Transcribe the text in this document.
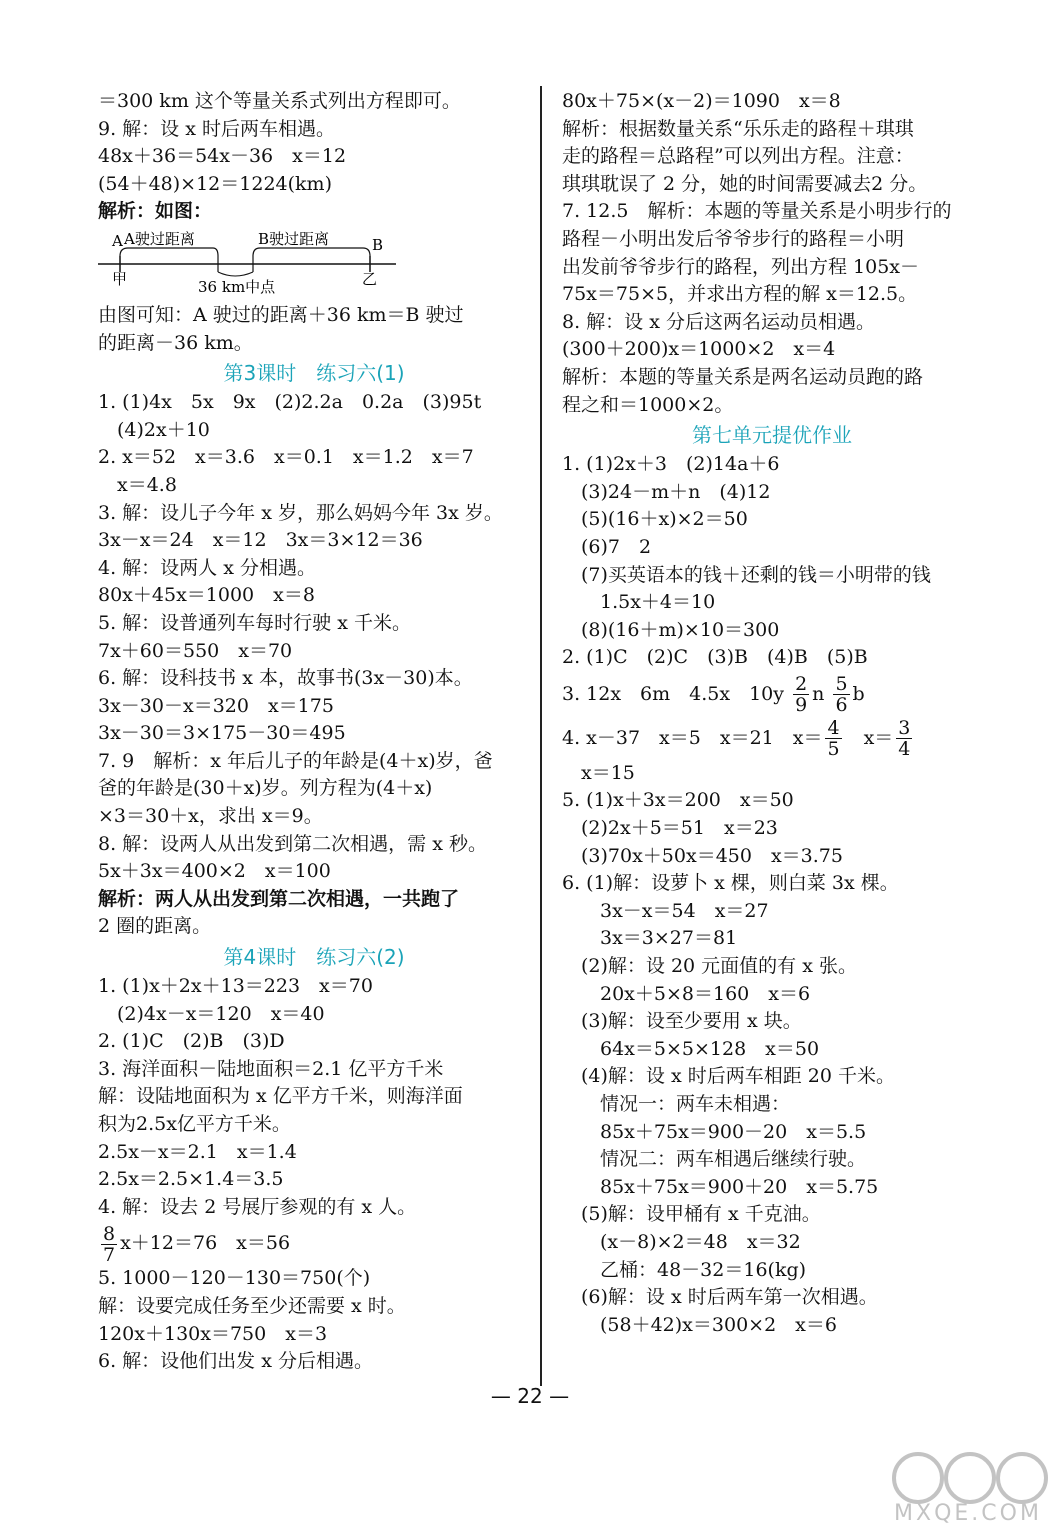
＝300 km 这个等量关系式列出方程即可。
9. 解：设 x 时后两车相遇。
48x＋36＝54x－36　x＝12
(54＋48)×12＝1224(km)
解析：如图：
A A驶过距离	B驶过距离	B
甲	36 km中点	乙
由图可知：A 驶过的距离＋36 km＝B 驶过
的距离－36 km。
第3课时　练习六(1)
1. (1)4x　5x　9x　(2)2.2a　0.2a　(3)95t
　(4)2x＋10
2. x＝52　x＝3.6　x＝0.1　x＝1.2　x＝7
　x＝4.8
3. 解：设儿子今年 x 岁，那么妈妈今年 3x 岁。
3x－x＝24　x＝12　3x＝3×12＝36
4. 解：设两人 x 分相遇。
80x＋45x＝1000　x＝8
5. 解：设普通列车每时行驶 x 千米。
7x＋60＝550　x＝70
6. 解：设科技书 x 本，故事书(3x－30)本。
3x－30－x＝320　x＝175
3x－30＝3×175－30＝495
7. 9　解析：x 年后儿子的年龄是(4＋x)岁，爸
爸的年龄是(30＋x)岁。列方程为(4＋x)
×3＝30＋x，求出 x＝9。
8. 解：设两人从出发到第二次相遇，需 x 秒。
5x＋3x＝400×2　x＝100
解析：两人从出发到第二次相遇，一共跑了
2 圈的距离。
第4课时　练习六(2)
1. (1)x＋2x＋13＝223　x＝70
　(2)4x－x＝120　x＝40
2. (1)C　(2)B　(3)D
3. 海洋面积－陆地面积＝2.1 亿平方千米
解：设陆地面积为 x 亿平方千米，则海洋面
积为2.5x亿平方千米。
2.5x－x＝2.1　x＝1.4
2.5x＝2.5×1.4＝3.5
4. 解：设去 2 号展厅参观的有 x 人。
$\frac{8}{7} x+12=76$　x＝56
5. 1000－120－130＝750(个)
解：设要完成任务至少还需要 x 时。
120x＋130x＝750　x＝3
6. 解：设他们出发 x 分后相遇。
80x＋75×(x－2)＝1090　x＝8
解析：根据数量关系“乐乐走的路程＋琪琪
走的路程＝总路程”可以列出方程。注意：
琪琪耽误了 2 分，她的时间需要减去2 分。
7. 12.5　解析：本题的等量关系是小明步行的
路程－小明出发后爷爷步行的路程＝小明
出发前爷爷步行的路程，列出方程 105x－
75x＝75×5，并求出方程的解 x＝12.5。
8. 解：设 x 分后这两名运动员相遇。
(300＋200)x＝1000×2　x＝4
解析：本题的等量关系是两名运动员跑的路
程之和＝1000×2。
第七单元提优作业
1. (1)2x＋3　(2)14a＋6
　(3)24－m＋n　(4)12
　(5)(16＋x)×2＝50
　(6)7　2
　(7)买英语本的钱＋还剩的钱＝小明带的钱
　　1.5x＋4＝10
　(8)(16＋m)×10＝300
2. (1)C　(2)C　(3)B　(4)B　(5)B
3. 12x　6m　4.5x　$10y \frac{2}{9}$ n $\frac{5}{6}$ b
4. x－37　x＝5　x＝21　$x= \frac{4}{5}$ 　$x= \frac{3}{4}$
　x＝15
5. (1)x＋3x＝200　x＝50
　(2)2x＋5＝51　x＝23
　(3)70x＋50x＝450　x＝3.75
6. (1)解：设萝卜 x 棵，则白菜 3x 棵。
　　3x－x＝54　x＝27
　　3x＝3×27＝81
　(2)解：设 20 元面值的有 x 张。
　　20x＋5×8＝160　x＝6
　(3)解：设至少要用 x 块。
　　64x＝5×5×128　x＝50
　(4)解：设 x 时后两车相距 20 千米。
　　情况一：两车未相遇：
　　85x＋75x＝900－20　x＝5.5
　　情况二：两车相遇后继续行驶。
　　85x＋75x＝900＋20　x＝5.75
　(5)解：设甲桶有 x 千克油。
　　(x－8)×2＝48　x＝32
　　乙桶：48－32＝16(kg)
　(6)解：设 x 时后两车第一次相遇。
　　(58＋42)x＝300×2　x＝6
— 22 —
MXQE.COM
